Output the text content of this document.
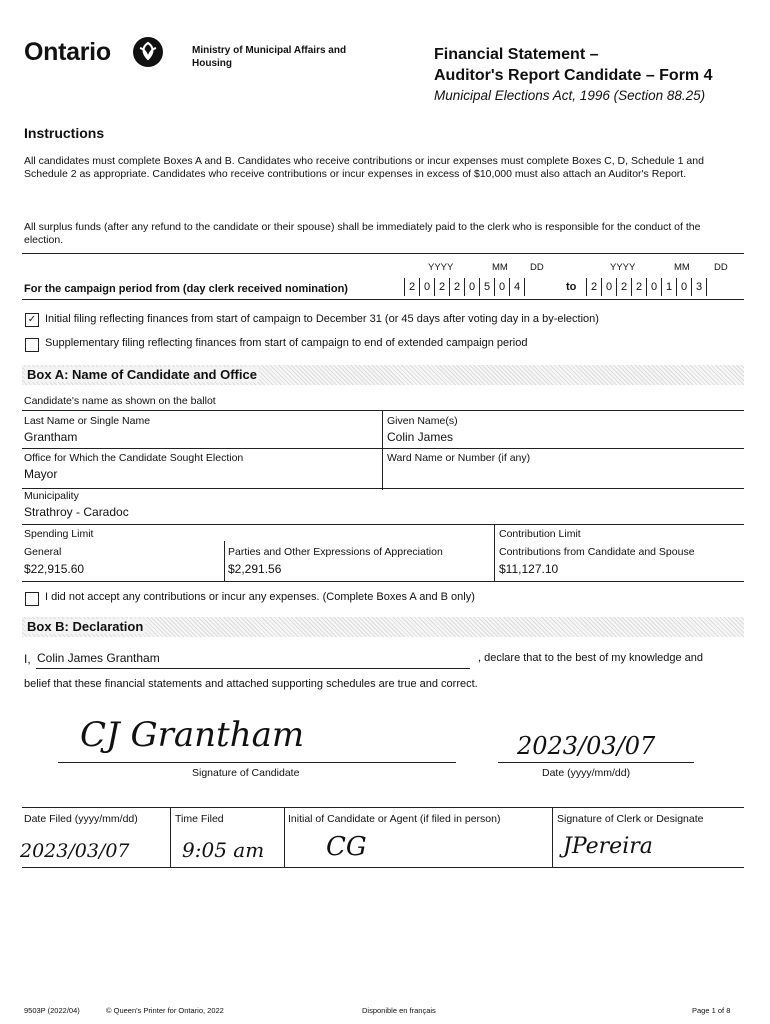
Ontario	Ministry of Municipal Affairs and Housing
Financial Statement –
Auditor's Report Candidate – Form 4
Municipal Elections Act, 1996 (Section 88.25)
Instructions
All candidates must complete Boxes A and B. Candidates who receive contributions or incur expenses must complete Boxes C, D, Schedule 1 and Schedule 2 as appropriate. Candidates who receive contributions or incur expenses in excess of $10,000 must also attach an Auditor's Report.
All surplus funds (after any refund to the candidate or their spouse) shall be immediately paid to the clerk who is responsible for the conduct of the election.
YYYY	MM DD	YYYY	MM	DD
For the campaign period from (day clerk received nomination)	2 0 2 2 0 5 0 4	to	2 0 2 2 0 1 0 3
✓ Initial filing reflecting finances from start of campaign to December 31 (or 45 days after voting day in a by-election)
Supplementary filing reflecting finances from start of campaign to end of extended campaign period
Box A: Name of Candidate and Office
Candidate's name as shown on the ballot
Last Name or Single Name
Grantham
Given Name(s)
Colin James
Office for Which the Candidate Sought Election
Mayor
Ward Name or Number (if any)
Municipality
Strathroy - Caradoc
Spending Limit
General
$22,915.60
Parties and Other Expressions of Appreciation
$2,291.56
Contribution Limit
Contributions from Candidate and Spouse
$11,127.10
I did not accept any contributions or incur any expenses. (Complete Boxes A and B only)
Box B: Declaration
I, Colin James Grantham	, declare that to the best of my knowledge and
belief that these financial statements and attached supporting schedules are true and correct.
CJ Grantham
Signature of Candidate
2023/03/07
Date (yyyy/mm/dd)
Date Filed (yyyy/mm/dd)
2023/03/07
Time Filed
9:05 am
Initial of Candidate or Agent (if filed in person)
CG
Signature of Clerk or Designate
JPereira
9503P (2022/04)	© Queen's Printer for Ontario, 2022	Disponible en français	Page 1 of 8
